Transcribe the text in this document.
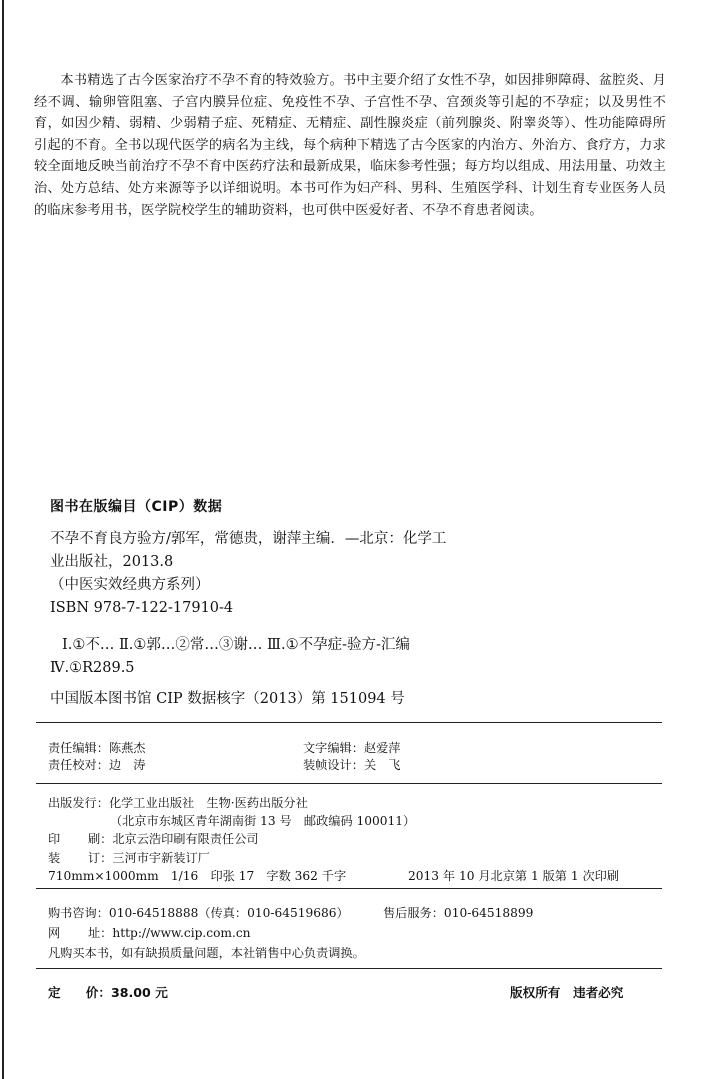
本书精选了古今医家治疗不孕不育的特效验方。书中主要介绍了女性不孕，如因排卵障碍、盆腔炎、月经不调、输卵管阻塞、子宫内膜异位症、免疫性不孕、子宫性不孕、宫颈炎等引起的不孕症；以及男性不育，如因少精、弱精、少弱精子症、死精症、无精症、副性腺炎症（前列腺炎、附睾炎等）、性功能障碍所引起的不育。全书以现代医学的病名为主线，每个病种下精选了古今医家的内治方、外治方、食疗方，力求较全面地反映当前治疗不孕不育中医药疗法和最新成果，临床参考性强；每方均以组成、用法用量、功效主治、处方总结、处方来源等予以详细说明。本书可作为妇产科、男科、生殖医学科、计划生育专业医务人员的临床参考用书，医学院校学生的辅助资料，也可供中医爱好者、不孕不育患者阅读。

图书在版编目（CIP）数据
不孕不育良方验方/郭军，常德贵，谢萍主编．—北京：化学工
业出版社，2013.8
（中医实效经典方系列）
ISBN 978-7-122-17910-4
Ⅰ.①不… Ⅱ.①郭…②常…③谢… Ⅲ.①不孕症-验方-汇编
Ⅳ.①R289.5
中国版本图书馆 CIP 数据核字（2013）第 151094 号
责任编辑：陈燕杰	文字编辑：赵爱萍
责任校对：边　涛	装帧设计：关　飞
出版发行：化学工业出版社　生物·医药出版分社
（北京市东城区青年湖南街 13 号　邮政编码 100011）
印 刷：北京云浩印刷有限责任公司
装 订：三河市宇新装订厂
710mm×1000mm　1/16　印张 17　字数 362 千字	2013 年 10 月北京第 1 版第 1 次印刷
购书咨询：010-64518888（传真：010-64519686）	售后服务：010-64518899
网 址：http://www.cip.com.cn
凡购买本书，如有缺损质量问题，本社销售中心负责调换。
定　　价：38.00 元	版权所有　违者必究
